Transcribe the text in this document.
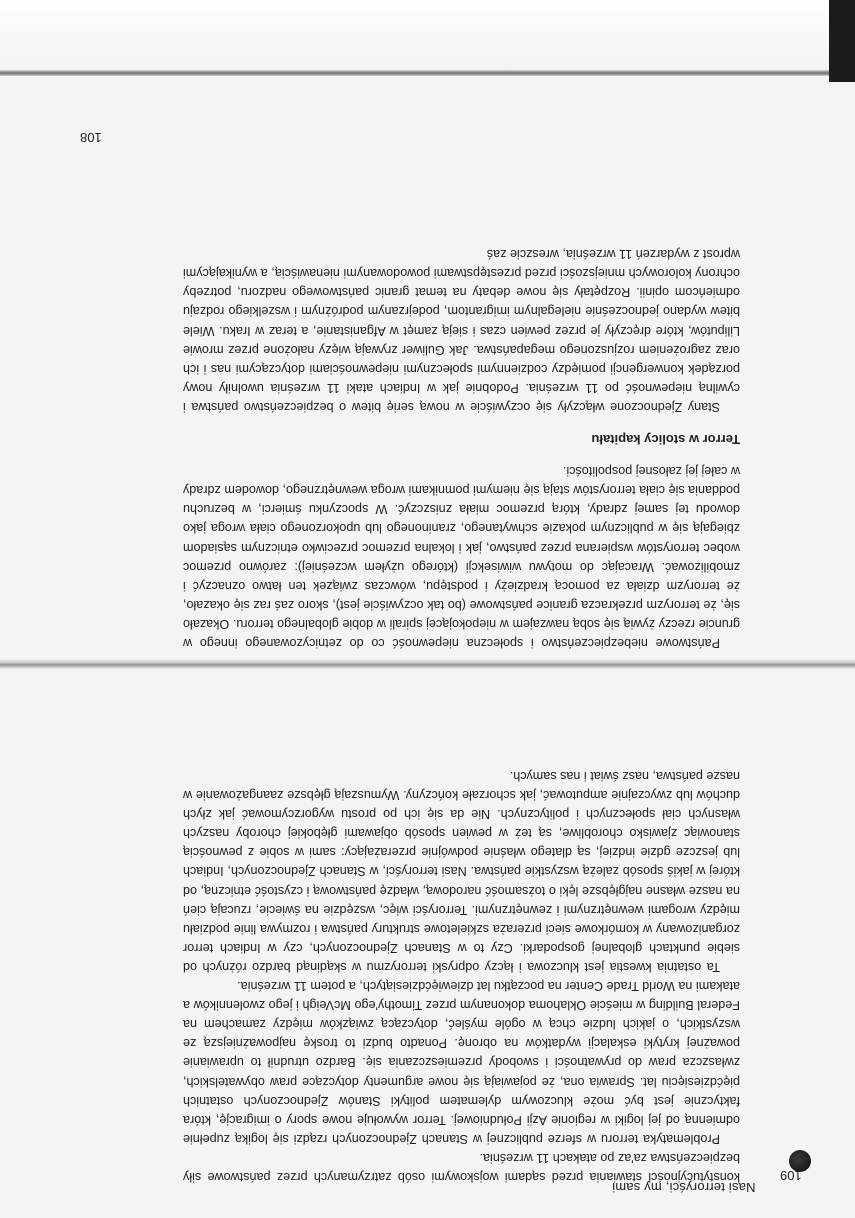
Państwowe niebezpieczeństwo i społeczna niepewność co do zetnicyzowanego innego w gruncie rzeczy żywią się sobą nawzajem w niepokojącej spirali w dobie globalnego terroru. Okazało się, że terroryzm przekracza granice państwowe (bo tak oczywiście jest), skoro zaś raz się okazało, że terroryzm działa za pomocą kradzieży i podstępu, wówczas związek ten łatwo oznaczyć i zmobilizować. Wracając do motywu wiwisekcji (którego użyłem wcześniej): zarówno przemoc wobec terrorystów wspierana przez państwo, jak i lokalna przemoc przeciwko etnicznym sąsiadom zbiegają się w publicznym pokazie schwytanego, zraninonego lub upokorzonego ciała wroga jako dowodu tej samej zdrady, którą przemoc miała zniszczyć. W spoczynku śmierci, w bezruchu poddania się ciała terrorystów stają się niemymi pomnikami wroga wewnętrznego, dowodem zdrady w całej jej załosnej pospolitości.

Terror w stolicy kapitału

Stany Zjednoczone włączyły się oczywiście w nową serię bitew o bezpieczeństwo państwa i cywilną niepewność po 11 września. Podobnie jak w Indiach ataki 11 września uwolniły nowy porządek konwergencji pomiędzy codziennymi społecznymi niepewnościami dotyczącymi nas i ich oraz zagrożeniem rozjuszonego megapaństwa. Jak Guliwer zrywają więzy nałożone przez mrowie Liliputów, które dręczyły je przez pewien czas i sieją zamęt w Afganistanie, a teraz w Iraku. Wiele bitew wydano jednocześnie nielegalnym imigrantom, podejrzanym podróżnym i wszelkiego rodzaju odmieńcom opinii. Rozpętały się nowe debaty na temat granic państwowego nadzoru, potrzeby ochrony kolorowych mniejszości przed przestępstwami powodowanymi nienawiścią, a wynikającymi wprost z wydarzeń 11 września, wreszcie zaś

108

konstytucyjności stawiania przed sądami wojskowymi osób zatrzymanych przez państwowe siły bezpieczeństwa za'az po atakach 11 września.

Problematyka terroru w sferze publicznej w Stanach Zjednoczonych rządzi się logiką zupełnie odmienną od jej logiki w regionie Azji Południowej. Terror wywołuje nowe spory o imigrację, która faktycznie jest być może kluczowym dylematem polityki Stanów Zjednoczonych ostatnich pięćdziesięciu lat. Sprawia ona, że pojawiają się nowe argumenty dotyczące praw obywatelskich, zwłaszcza praw do prywatności i swobody przemieszczania się. Bardzo utrudnił to uprawianie poważnej krytyki eskalacji wydatków na obronę. Ponadto budzi to troskę najpoważniejszą ze wszystkich, o jakich ludzie chcą w ogóle myśleć, dotyczącą związków między zamachem na Federal Building w mieście Oklahoma dokonanym przez Timothy'ego McVeigh i jego zwolenników a atakami na World Trade Center na początku lat dziewięćdziesiątych, a potem 11 września.

Ta ostatnia kwestia jest kluczowa i łączy odpryski terroryzmu w skądinąd bardzo różnych od siebie punktach globalnej gospodarki. Czy to w Stanach Zjednoczonych, czy w Indiach terror zorganizowany w komórkowe sieci przeraża szkieletowe struktury państwa i rozmywa linie podziału między wrogami wewnętrznymi i zewnętrznymi. Terroryści więc, wszędzie na świecie, rzucają cień na nasze własne najgłębsze lęki o tożsamość narodową, władzę państwową i czystość etniczną, od której w jakiś sposób zależą wszystkie państwa. Nasi terroryści, w Stanach Zjednoczonych, Indiach lub jeszcze gdzie indziej, są dlatego właśnie podwójnie przerażający: sami w sobie z pewnością stanowiąc zjawisko chorobliwe, są też w pewien sposób objawami głębokiej choroby naszych własnych ciał społecznych i politycznych. Nie da się ich po prostu wygorzcymować jak złych duchów lub zwyczajnie amputować, jak schorzałe kończyny. Wymuszają głębsze zaangażowanie w nasze państwa, nasz świat i nas samych.

Nasi terroryści, my sami
109
